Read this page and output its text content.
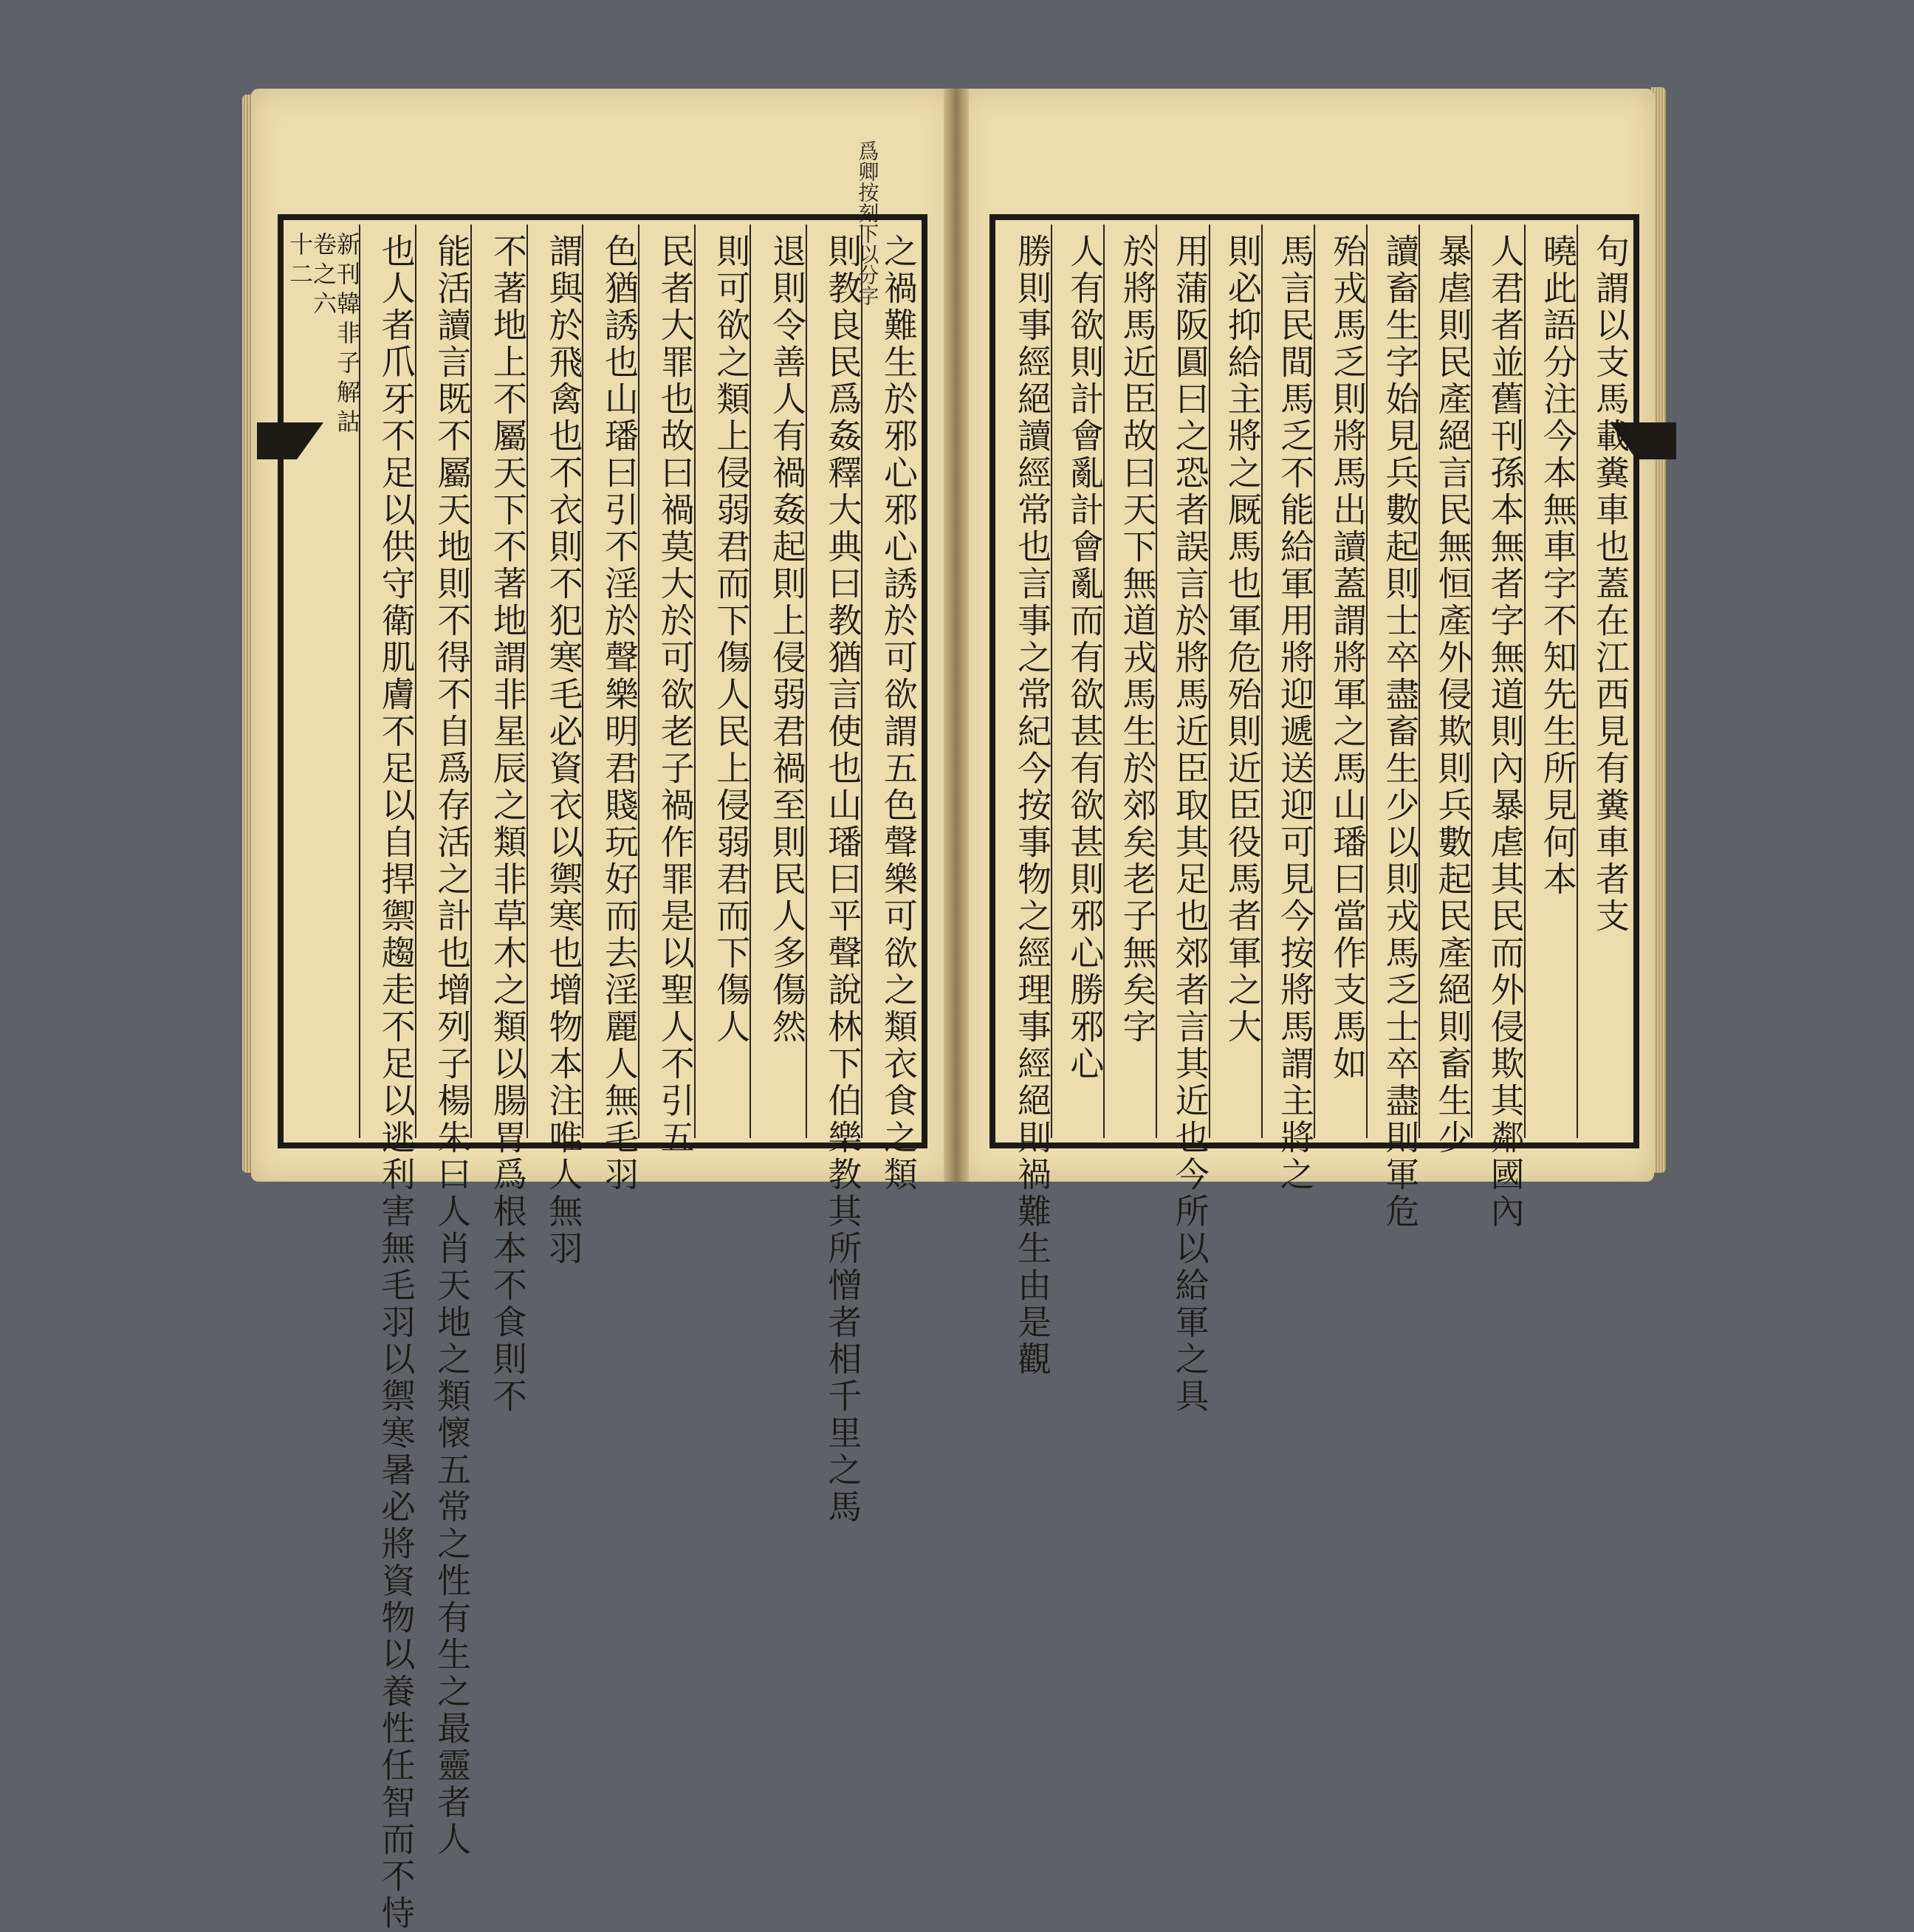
爲卿按刻下以分字
之禍難生於邪心邪心誘於可欲謂五色聲樂可欲之類衣食之類
則教良民爲姦釋大典曰教猶言使也山璠曰平聲說林下伯樂教其所憎者相千里之馬
退則令善人有禍姦起則上侵弱君禍至則民人多傷然
則可欲之類上侵弱君而下傷人民上侵弱君而下傷人
民者大罪也故曰禍莫大於可欲老子禍作罪是以聖人不引五
色猶誘也山璠曰引不淫於聲樂明君賤玩好而去淫麗人無毛羽
謂與於飛禽也不衣則不犯寒毛必資衣以禦寒也增物本注唯人無羽
不著地上不屬天下不著地謂非星辰之類非草木之類以腸胃爲根本不食則不
能活讀言既不屬天地則不得不自爲存活之計也增列子楊朱曰人肖天地之類懷五常之性有生之最靈者人
也人者爪牙不足以供守衛肌膚不足以自捍禦趨走不足以逃利害無毛羽以禦寒暑必將資物以養性任智而不恃
新刊韓非子解詁
卷之六
十二	句謂以支馬載糞車也蓋在江西見有糞車者支
曉此語分注今本無車字不知先生所見何本
人君者並舊刊孫本無者字無道則內暴虐其民而外侵欺其鄰國內
暴虐則民產絕言民無恒產外侵欺則兵數起民產絕則畜生少
讀畜生字始見兵數起則士卒盡畜生少以則戎馬乏士卒盡則軍危
殆戎馬乏則將馬出讀蓋謂將軍之馬山璠曰當作支馬如
馬言民間馬乏不能給軍用將迎遞送迎可見今按將馬謂主將之
則必抑給主將之厩馬也軍危殆則近臣役馬者軍之大
用蒲阪圓曰之恐者誤言於將馬近臣取其足也郊者言其近也今所以給軍之具
於將馬近臣故曰天下無道戎馬生於郊矣老子無矣字
人有欲則計會亂計會亂而有欲甚有欲甚則邪心勝邪心
勝則事經絕讀經常也言事之常紀今按事物之經理事經絕則禍難生由是觀
